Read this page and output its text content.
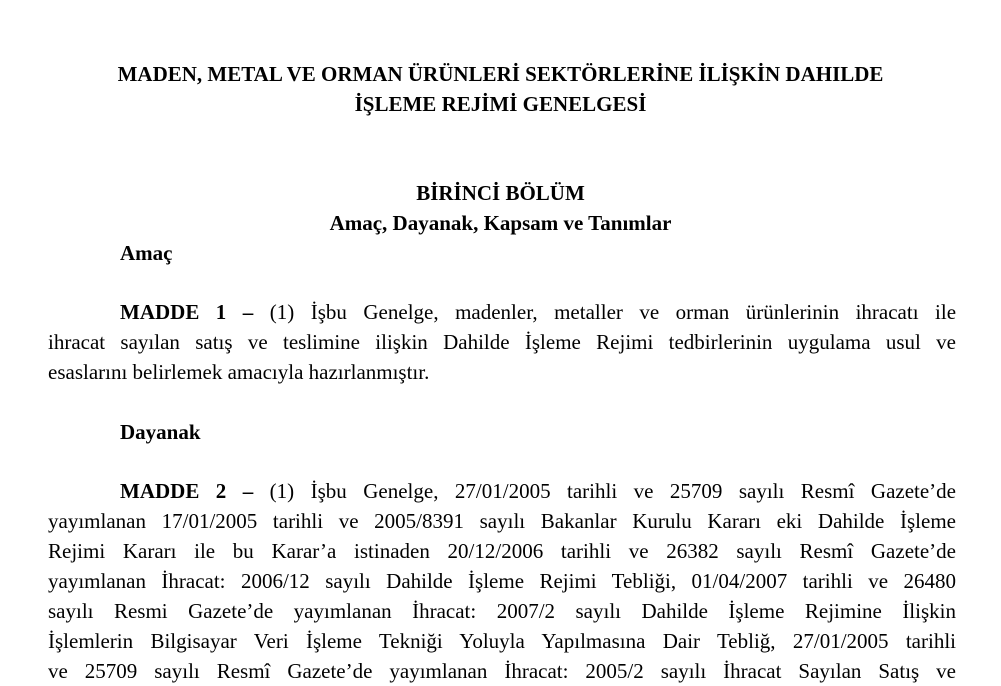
MADEN, METAL VE ORMAN ÜRÜNLERİ SEKTÖRLERİNE İLİŞKİN DAHILDE
İŞLEME REJİMİ GENELGESİ
BİRİNCİ BÖLÜM
Amaç, Dayanak, Kapsam ve Tanımlar
Amaç
MADDE 1 – (1) İşbu Genelge, madenler, metaller ve orman ürünlerinin ihracatı ile
ihracat sayılan satış ve teslimine ilişkin Dahilde İşleme Rejimi tedbirlerinin uygulama usul ve
esaslarını belirlemek amacıyla hazırlanmıştır.
Dayanak
MADDE 2 – (1) İşbu Genelge, 27/01/2005 tarihli ve 25709 sayılı Resmî Gazete’de
yayımlanan 17/01/2005 tarihli ve 2005/8391 sayılı Bakanlar Kurulu Kararı eki Dahilde İşleme
Rejimi Kararı ile bu Karar’a istinaden 20/12/2006 tarihli ve 26382 sayılı Resmî Gazete’de
yayımlanan İhracat: 2006/12 sayılı Dahilde İşleme Rejimi Tebliği, 01/04/2007 tarihli ve 26480
sayılı Resmi Gazete’de yayımlanan İhracat: 2007/2 sayılı Dahilde İşleme Rejimine İlişkin
İşlemlerin Bilgisayar Veri İşleme Tekniği Yoluyla Yapılmasına Dair Tebliğ, 27/01/2005 tarihli
ve 25709 sayılı Resmî Gazete’de yayımlanan İhracat: 2005/2 sayılı İhracat Sayılan Satış ve
